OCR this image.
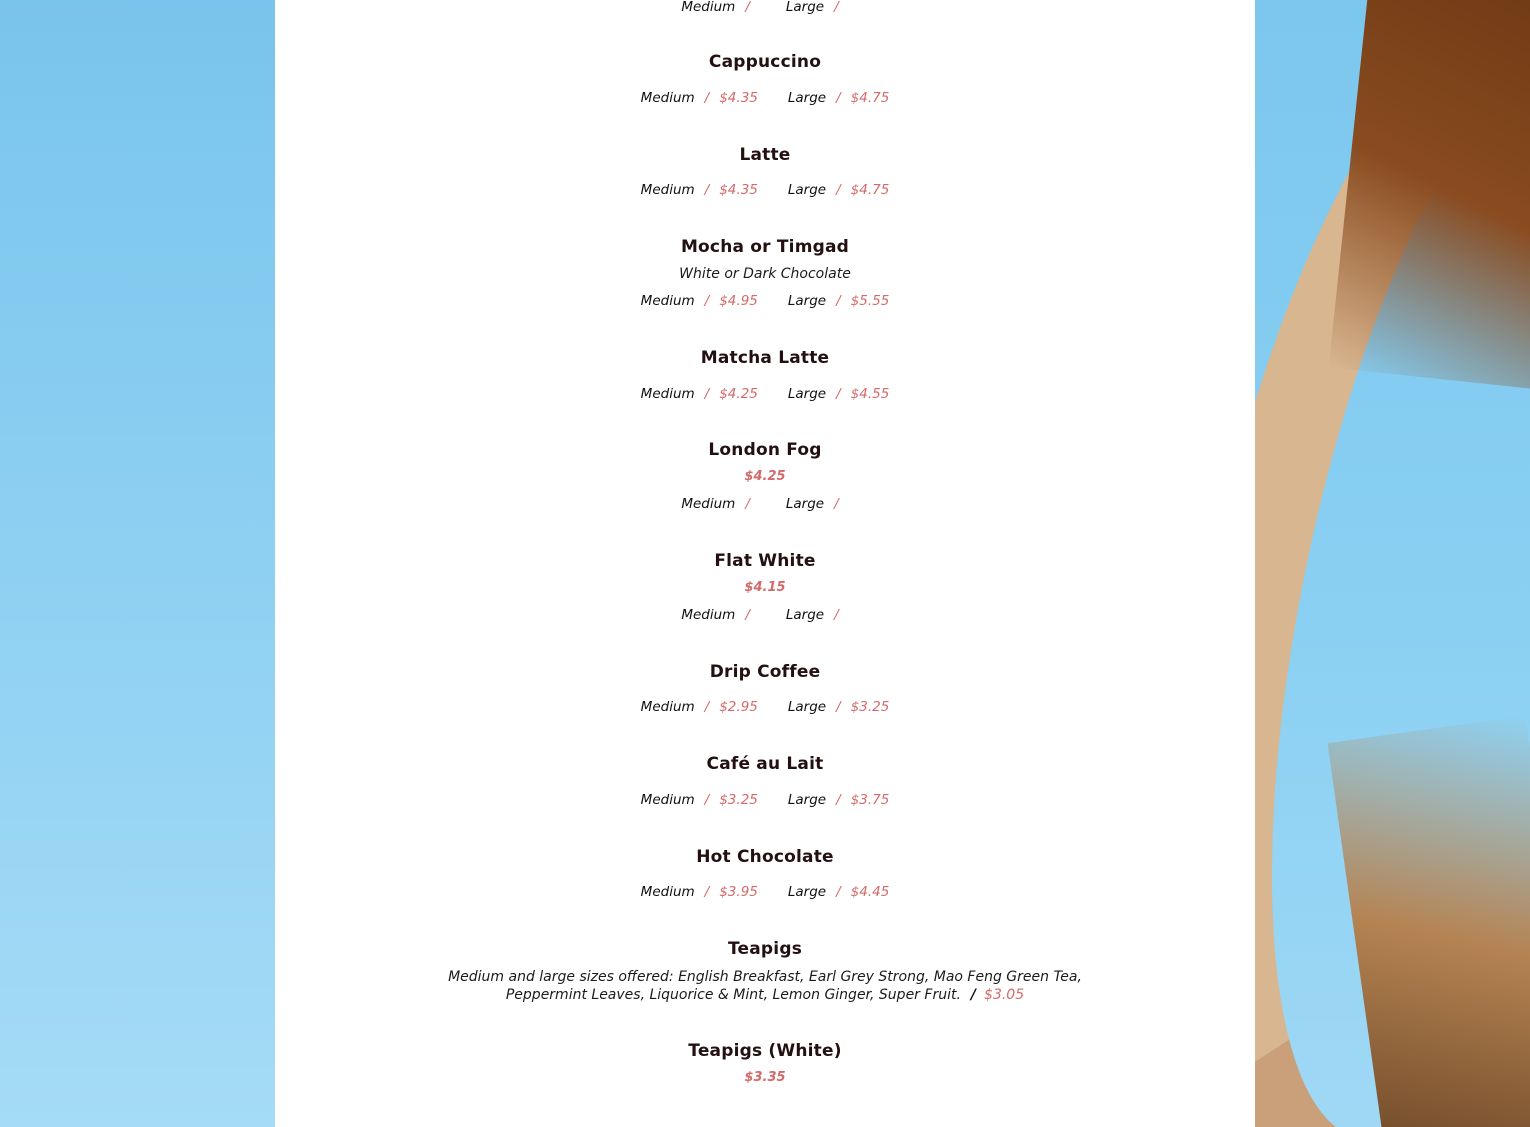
Medium /	Large /

Cappuccino

Medium / $4.35 Large / $4.75

Latte

Medium / $4.35 Large / $4.75

Mocha or Timgad

White or Dark Chocolate

Medium / $4.95 Large / $5.55

Matcha Latte

Medium / $4.25 Large / $4.55

London Fog

$4.25

Medium /	Large /

Flat White

$4.15

Medium /	Large /

Drip Coffee

Medium / $2.95 Large / $3.25

Café au Lait

Medium / $3.25 Large / $3.75

Hot Chocolate

Medium / $3.95 Large / $4.45

Teapigs

Medium and large sizes offered: English Breakfast, Earl Grey Strong, Mao Feng Green Tea,

Peppermint Leaves, Liquorice & Mint, Lemon Ginger, Super Fruit. / $3.05

Teapigs (White)

$3.35
